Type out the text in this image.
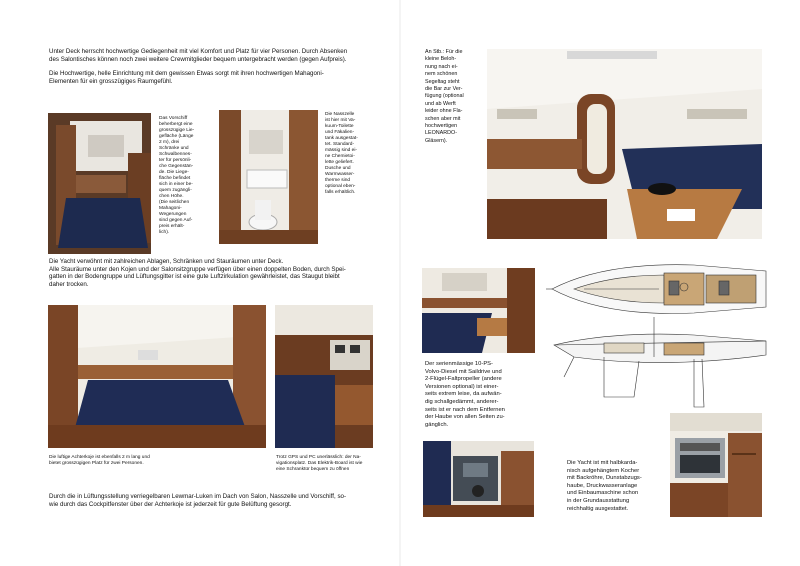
Unter Deck herrscht hochwertige Gediegenheit mit viel Komfort und Platz für vier Personen. Durch Absenken

des Salontisches können noch zwei weitere Crewmitglieder bequem untergebracht werden (gegen Aufpreis).

Die Hochwertige, helle Einrichtung mit dem gewissen Etwas sorgt mit ihren hochwertigen Mahagoni-

Elementen für ein grosszügiges Raumgefühl.

Das Vorschiff
beherbergt eine
grosszügige Lie-
gefläche (Länge
2 m), drei
Schränke und
Schwalbennes-
ter für persönli-
che Gegenstän-
de. Die Liege-
fläche befindet
sich in einer be-
quem zugängli-
chen Höhe.
(Die seitlichen
Mahagoni-
Wegerungen
sind gegen Auf-
preis erhält-
lich).
Die Nasszelle
ist hier mit Va-
kuum-Toilette
und Fäkalien-
tank ausgestat-
tet. Standard-
mässig sind ei-
ne Chemietoi-
lette geliefert.
Dusche und
Warmwasser-
therme sind
optional eben-
falls erhältlich.

Die Yacht verwöhnt mit zahlreichen Ablagen, Schränken und Stauräumen unter Deck.

Alle Stauräume unter den Kojen und der Salonsitzgruppe verfügen über einen doppelten Boden, durch Spei-

gatten in der Bodengruppe und Lüftungsgitter ist eine gute Luftzirkulation gewährleistet, das Staugut bleibt

daher trocken.

Die luftige Achterkoje ist ebenfalls 2 m lang und
bietet grosszügigen Platz für zwei Personen.
Trotz GPS und PC unerlässlich: der Na-
vigationsplatz. Das Elektrik-Board ist wie
eine Schranktür bequem zu öffnen

Durch die in Lüftungsstellung verriegelbaren Lewmar-Luken im Dach von Salon, Nasszelle und Vorschiff, so-

wie durch das Cockpitfenster über der Achterkoje ist jederzeit für gute Belüftung gesorgt.

An Stb.: Für die
kleine Beloh-
nung nach ei-
nem schönen
Segeltag steht
die Bar zur Ver-
fügung (optional
und ab Werft
leider ohne Fla-
schen aber mit
hochwertigen
LEONARDO-
Gläsern).
Der serienmässige 10-PS-
Volvo-Diesel mit Saildrive und
2-Flügel-Faltpropeller (andere
Versionen optional) ist einer-
seits extrem leise, da aufwän-
dig schallgedämmt, anderer-
seits ist er nach dem Entfernen
der Haube von allen Seiten zu-
gänglich.
Die Yacht ist mit halbkarda-
nisch aufgehängtem Kocher
mit Backröhre, Dunstabzugs-
haube, Druckwasseranlage
und Einbaumaschine schon
in der Grundausstattung
reichhaltig ausgestattet.
